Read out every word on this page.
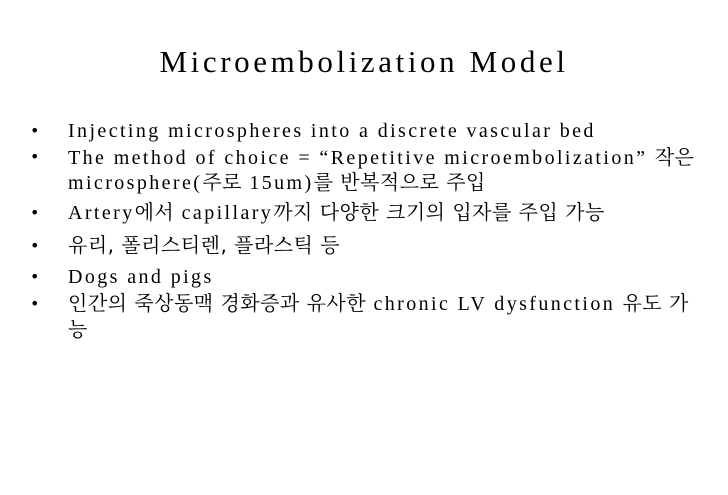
Microembolization Model
• Injecting microspheres into a discrete vascular bed
• The method of choice = “Repetitive microembolization” 작은 microsphere(주로 15um)를 반복적으로 주입
• Artery에서 capillary까지 다양한 크기의 입자를 주입 가능
• 유리, 폴리스티렌, 플라스틱 등
• Dogs and pigs
• 인간의 죽상동맥 경화증과 유사한 chronic LV dysfunction 유도 가능
